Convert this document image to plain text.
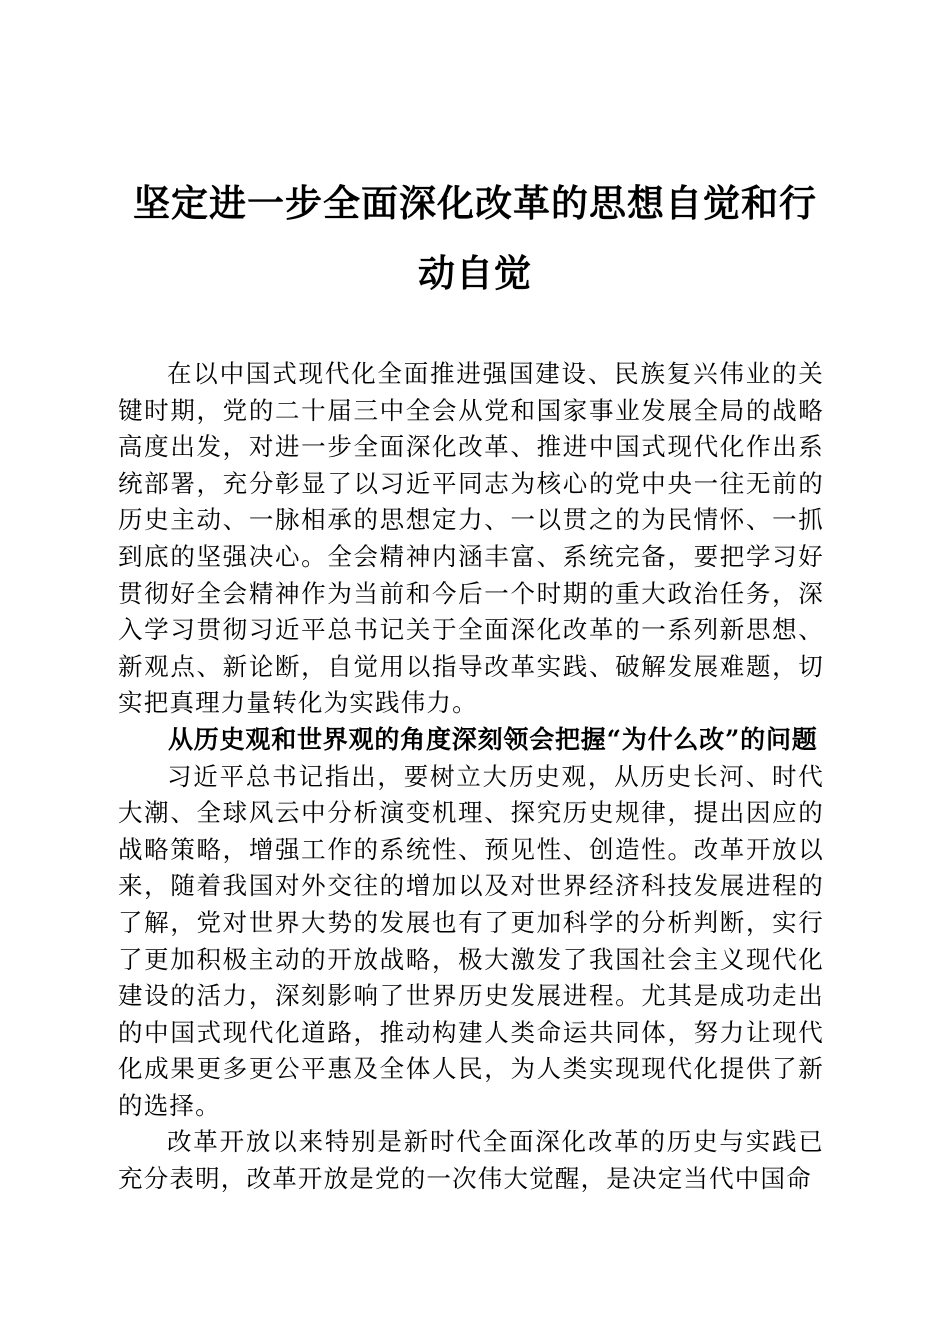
坚定进一步全面深化改革的思想自觉和行动自觉

在以中国式现代化全面推进强国建设、民族复兴伟业的关键时期，党的二十届三中全会从党和国家事业发展全局的战略高度出发，对进一步全面深化改革、推进中国式现代化作出系统部署，充分彰显了以习近平同志为核心的党中央一往无前的历史主动、一脉相承的思想定力、一以贯之的为民情怀、一抓到底的坚强决心。全会精神内涵丰富、系统完备，要把学习好贯彻好全会精神作为当前和今后一个时期的重大政治任务，深入学习贯彻习近平总书记关于全面深化改革的一系列新思想、新观点、新论断，自觉用以指导改革实践、破解发展难题，切实把真理力量转化为实践伟力。

从历史观和世界观的角度深刻领会把握“为什么改”的问题

习近平总书记指出，要树立大历史观，从历史长河、时代大潮、全球风云中分析演变机理、探究历史规律，提出因应的战略策略，增强工作的系统性、预见性、创造性。改革开放以来，随着我国对外交往的增加以及对世界经济科技发展进程的了解，党对世界大势的发展也有了更加科学的分析判断，实行了更加积极主动的开放战略，极大激发了我国社会主义现代化建设的活力，深刻影响了世界历史发展进程。尤其是成功走出的中国式现代化道路，推动构建人类命运共同体，努力让现代化成果更多更公平惠及全体人民，为人类实现现代化提供了新的选择。

改革开放以来特别是新时代全面深化改革的历史与实践已充分表明，改革开放是党的一次伟大觉醒，是决定当代中国命
